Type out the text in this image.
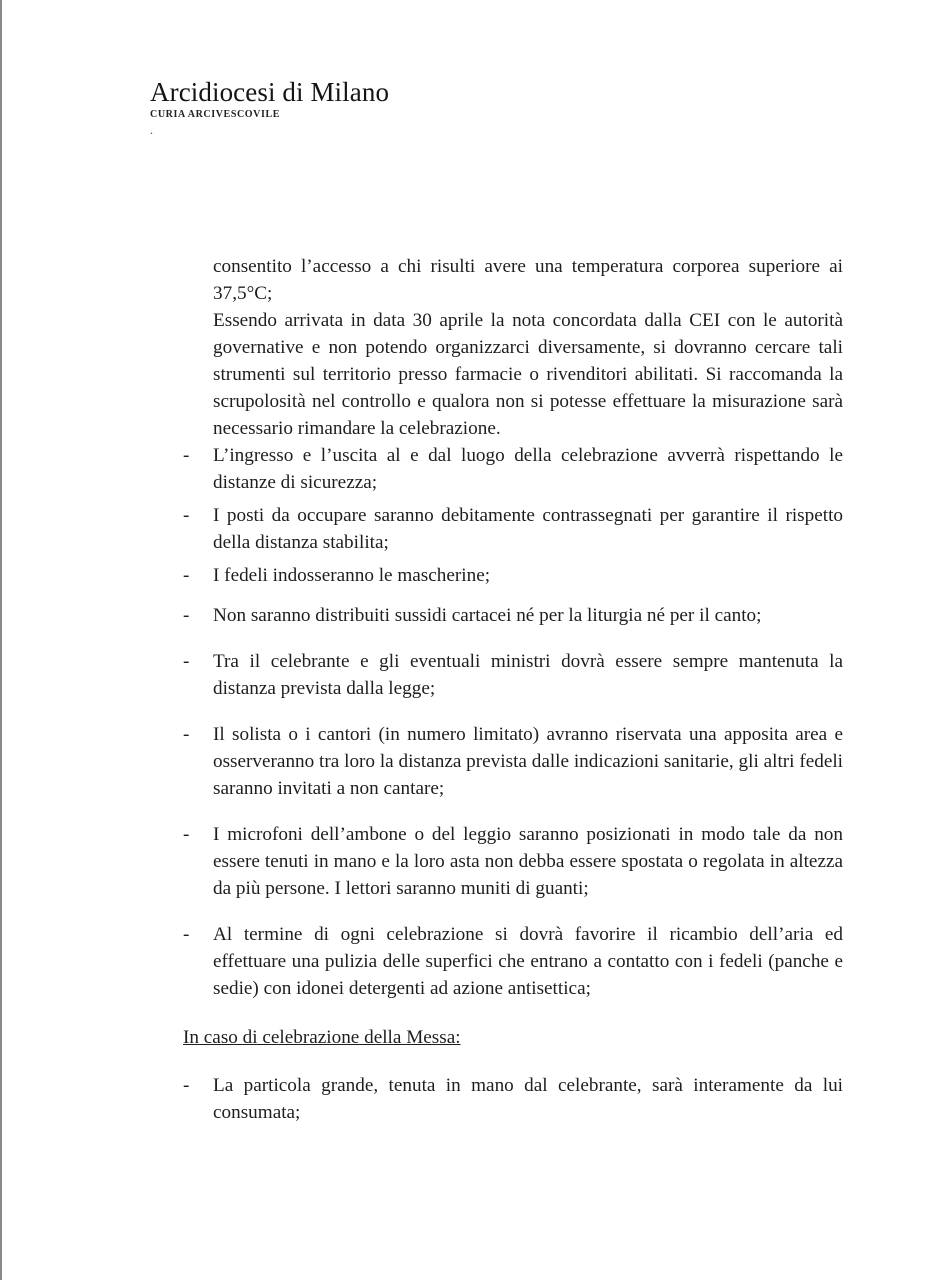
Arcidiocesi di Milano
CURIA ARCIVESCOVILE
.
consentito l’accesso a chi risulti avere una temperatura corporea superiore ai 37,5°C;
Essendo arrivata in data 30 aprile la nota concordata dalla CEI con le autorità governative e non potendo organizzarci diversamente, si dovranno cercare tali strumenti sul territorio presso farmacie o rivenditori abilitati. Si raccomanda la scrupolosità nel controllo e qualora non si potesse effettuare la misurazione sarà necessario rimandare la celebrazione.
- L’ingresso e l’uscita al e dal luogo della celebrazione avverrà rispettando le distanze di sicurezza;
- I posti da occupare saranno debitamente contrassegnati per garantire il rispetto della distanza stabilita;
- I fedeli indosseranno le mascherine;
- Non saranno distribuiti sussidi cartacei né per la liturgia né per il canto;
- Tra il celebrante e gli eventuali ministri dovrà essere sempre mantenuta la distanza prevista dalla legge;
- Il solista o i cantori (in numero limitato) avranno riservata una apposita area e osserveranno tra loro la distanza prevista dalle indicazioni sanitarie, gli altri fedeli saranno invitati a non cantare;
- I microfoni dell’ambone o del leggio saranno posizionati in modo tale da non essere tenuti in mano e la loro asta non debba essere spostata o regolata in altezza da più persone. I lettori saranno muniti di guanti;
- Al termine di ogni celebrazione si dovrà favorire il ricambio dell’aria ed effettuare una pulizia delle superfici che entrano a contatto con i fedeli (panche e sedie) con idonei detergenti ad azione antisettica;
In caso di celebrazione della Messa:
- La particola grande, tenuta in mano dal celebrante, sarà interamente da lui consumata;
